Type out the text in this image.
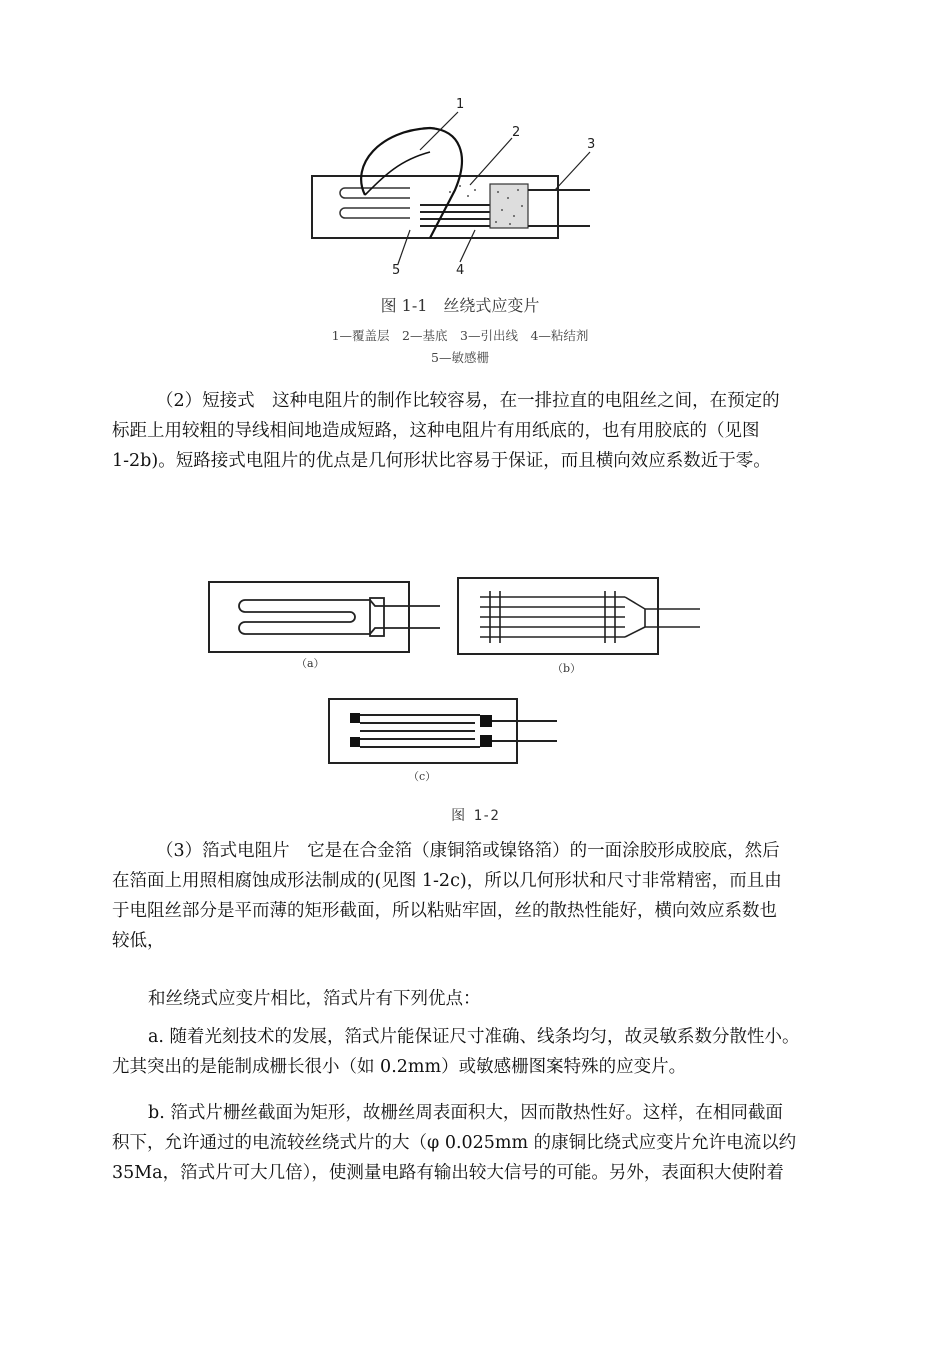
1
2
3
5	4
图 1-1　丝绕式应变片
1—覆盖层　2—基底　3—引出线　4—粘结剂
5—敏感栅
（2）短接式　这种电阻片的制作比较容易，在一排拉直的电阻丝之间，在预定的
标距上用较粗的导线相间地造成短路，这种电阻片有用纸底的，也有用胶底的（见图
1-2b)。短路接式电阻片的优点是几何形状比容易于保证，而且横向效应系数近于零。
（a）	（b）
（c）
图 1-2
（3）箔式电阻片　它是在合金箔（康铜箔或镍铬箔）的一面涂胶形成胶底，然后
在箔面上用照相腐蚀成形法制成的(见图 1-2c)，所以几何形状和尺寸非常精密，而且由
于电阻丝部分是平而薄的矩形截面，所以粘贴牢固，丝的散热性能好，横向效应系数也
较低，
和丝绕式应变片相比，箔式片有下列优点：
a. 随着光刻技术的发展，箔式片能保证尺寸准确、线条均匀，故灵敏系数分散性小。
尤其突出的是能制成栅长很小（如 0.2mm）或敏感栅图案特殊的应变片。
b. 箔式片栅丝截面为矩形，故栅丝周表面积大，因而散热性好。这样，在相同截面
积下，允许通过的电流较丝绕式片的大（φ 0.025mm 的康铜比绕式应变片允许电流以约
35Ma，箔式片可大几倍），使测量电路有输出较大信号的可能。另外，表面积大使附着
